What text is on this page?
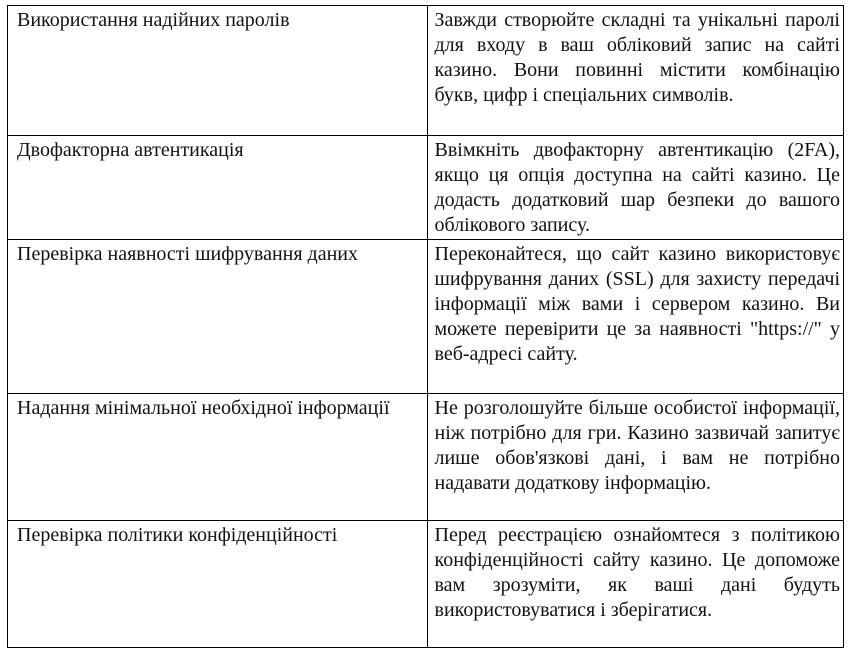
Використання надійних паролів	Завжди створюйте складні та унікальні паролі для входу в ваш обліковий запис на сайті казино. Вони повинні містити комбінацію букв, цифр і спеціальних символів.

Двофакторна автентикація	Ввімкніть двофакторну автентикацію (2FA), якщо ця опція доступна на сайті казино. Це додасть додатковий шар безпеки до вашого облікового запису.

Перевірка наявності шифрування даних	Переконайтеся, що сайт казино використовує шифрування даних (SSL) для захисту передачі інформації між вами і сервером казино. Ви можете перевірити це за наявності "https://" у веб-адресі сайту.

Надання мінімальної необхідної інформації	Не розголошуйте більше особистої інформації, ніж потрібно для гри. Казино зазвичай запитує лише обов'язкові дані, і вам не потрібно надавати додаткову інформацію.

Перевірка політики конфіденційності	Перед реєстрацією ознайомтеся з політикою конфіденційності сайту казино. Це допоможе вам зрозуміти, як ваші дані будуть використовуватися і зберігатися.
